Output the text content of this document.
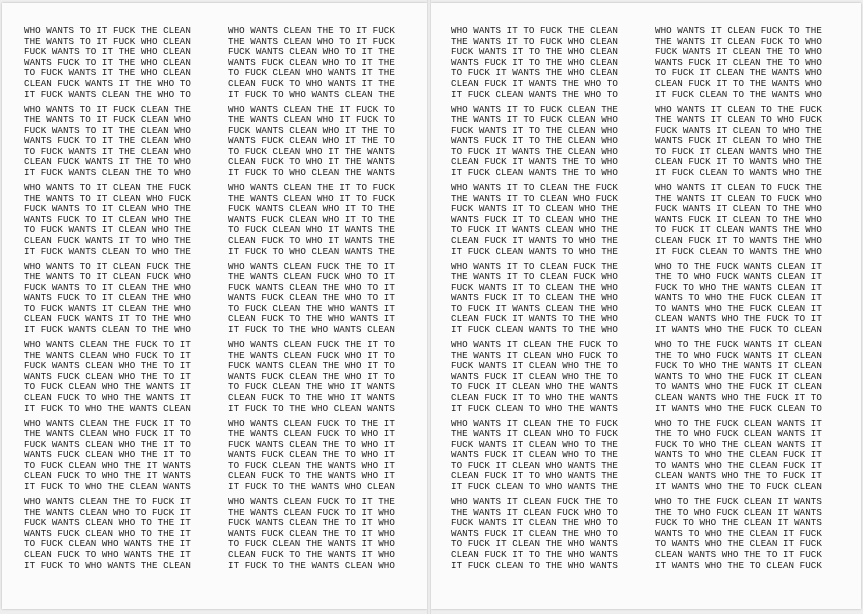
WHO WANTS TO IT FUCK THE CLEAN
THE WANTS TO IT FUCK WHO CLEAN
FUCK WANTS TO IT THE WHO CLEAN
WANTS FUCK TO IT THE WHO CLEAN
TO FUCK WANTS IT THE WHO CLEAN
CLEAN FUCK WANTS IT THE WHO TO
IT FUCK WANTS CLEAN THE WHO TO
WHO WANTS TO IT FUCK CLEAN THE
THE WANTS TO IT FUCK CLEAN WHO
FUCK WANTS TO IT THE CLEAN WHO
WANTS FUCK TO IT THE CLEAN WHO
TO FUCK WANTS IT THE CLEAN WHO
CLEAN FUCK WANTS IT THE TO WHO
IT FUCK WANTS CLEAN THE TO WHO
WHO WANTS TO IT CLEAN THE FUCK
THE WANTS TO IT CLEAN WHO FUCK
FUCK WANTS TO IT CLEAN WHO THE
WANTS FUCK TO IT CLEAN WHO THE
TO FUCK WANTS IT CLEAN WHO THE
CLEAN FUCK WANTS IT TO WHO THE
IT FUCK WANTS CLEAN TO WHO THE
WHO WANTS TO IT CLEAN FUCK THE
THE WANTS TO IT CLEAN FUCK WHO
FUCK WANTS TO IT CLEAN THE WHO
WANTS FUCK TO IT CLEAN THE WHO
TO FUCK WANTS IT CLEAN THE WHO
CLEAN FUCK WANTS IT TO THE WHO
IT FUCK WANTS CLEAN TO THE WHO
WHO WANTS CLEAN THE FUCK TO IT
THE WANTS CLEAN WHO FUCK TO IT
FUCK WANTS CLEAN WHO THE TO IT
WANTS FUCK CLEAN WHO THE TO IT
TO FUCK CLEAN WHO THE WANTS IT
CLEAN FUCK TO WHO THE WANTS IT
IT FUCK TO WHO THE WANTS CLEAN
WHO WANTS CLEAN THE FUCK IT TO
THE WANTS CLEAN WHO FUCK IT TO
FUCK WANTS CLEAN WHO THE IT TO
WANTS FUCK CLEAN WHO THE IT TO
TO FUCK CLEAN WHO THE IT WANTS
CLEAN FUCK TO WHO THE IT WANTS
IT FUCK TO WHO THE CLEAN WANTS
WHO WANTS CLEAN THE TO FUCK IT
THE WANTS CLEAN WHO TO FUCK IT
FUCK WANTS CLEAN WHO TO THE IT
WANTS FUCK CLEAN WHO TO THE IT
TO FUCK CLEAN WHO WANTS THE IT
CLEAN FUCK TO WHO WANTS THE IT
IT FUCK TO WHO WANTS THE CLEAN
WHO WANTS CLEAN THE TO IT FUCK
THE WANTS CLEAN WHO TO IT FUCK
FUCK WANTS CLEAN WHO TO IT THE
WANTS FUCK CLEAN WHO TO IT THE
TO FUCK CLEAN WHO WANTS IT THE
CLEAN FUCK TO WHO WANTS IT THE
IT FUCK TO WHO WANTS CLEAN THE
WHO WANTS CLEAN THE IT FUCK TO
THE WANTS CLEAN WHO IT FUCK TO
FUCK WANTS CLEAN WHO IT THE TO
WANTS FUCK CLEAN WHO IT THE TO
TO FUCK CLEAN WHO IT THE WANTS
CLEAN FUCK TO WHO IT THE WANTS
IT FUCK TO WHO CLEAN THE WANTS
WHO WANTS CLEAN THE IT TO FUCK
THE WANTS CLEAN WHO IT TO FUCK
FUCK WANTS CLEAN WHO IT TO THE
WANTS FUCK CLEAN WHO IT TO THE
TO FUCK CLEAN WHO IT WANTS THE
CLEAN FUCK TO WHO IT WANTS THE
IT FUCK TO WHO CLEAN WANTS THE
WHO WANTS CLEAN FUCK THE TO IT
THE WANTS CLEAN FUCK WHO TO IT
FUCK WANTS CLEAN THE WHO TO IT
WANTS FUCK CLEAN THE WHO TO IT
TO FUCK CLEAN THE WHO WANTS IT
CLEAN FUCK TO THE WHO WANTS IT
IT FUCK TO THE WHO WANTS CLEAN
WHO WANTS CLEAN FUCK THE IT TO
THE WANTS CLEAN FUCK WHO IT TO
FUCK WANTS CLEAN THE WHO IT TO
WANTS FUCK CLEAN THE WHO IT TO
TO FUCK CLEAN THE WHO IT WANTS
CLEAN FUCK TO THE WHO IT WANTS
IT FUCK TO THE WHO CLEAN WANTS
WHO WANTS CLEAN FUCK TO THE IT
THE WANTS CLEAN FUCK TO WHO IT
FUCK WANTS CLEAN THE TO WHO IT
WANTS FUCK CLEAN THE TO WHO IT
TO FUCK CLEAN THE WANTS WHO IT
CLEAN FUCK TO THE WANTS WHO IT
IT FUCK TO THE WANTS WHO CLEAN
WHO WANTS CLEAN FUCK TO IT THE
THE WANTS CLEAN FUCK TO IT WHO
FUCK WANTS CLEAN THE TO IT WHO
WANTS FUCK CLEAN THE TO IT WHO
TO FUCK CLEAN THE WANTS IT WHO
CLEAN FUCK TO THE WANTS IT WHO
IT FUCK TO THE WANTS CLEAN WHO
WHO WANTS IT TO FUCK THE CLEAN
THE WANTS IT TO FUCK WHO CLEAN
FUCK WANTS IT TO THE WHO CLEAN
WANTS FUCK IT TO THE WHO CLEAN
TO FUCK IT WANTS THE WHO CLEAN
CLEAN FUCK IT WANTS THE WHO TO
IT FUCK CLEAN WANTS THE WHO TO
WHO WANTS IT TO FUCK CLEAN THE
THE WANTS IT TO FUCK CLEAN WHO
FUCK WANTS IT TO THE CLEAN WHO
WANTS FUCK IT TO THE CLEAN WHO
TO FUCK IT WANTS THE CLEAN WHO
CLEAN FUCK IT WANTS THE TO WHO
IT FUCK CLEAN WANTS THE TO WHO
WHO WANTS IT TO CLEAN THE FUCK
THE WANTS IT TO CLEAN WHO FUCK
FUCK WANTS IT TO CLEAN WHO THE
WANTS FUCK IT TO CLEAN WHO THE
TO FUCK IT WANTS CLEAN WHO THE
CLEAN FUCK IT WANTS TO WHO THE
IT FUCK CLEAN WANTS TO WHO THE
WHO WANTS IT TO CLEAN FUCK THE
THE WANTS IT TO CLEAN FUCK WHO
FUCK WANTS IT TO CLEAN THE WHO
WANTS FUCK IT TO CLEAN THE WHO
TO FUCK IT WANTS CLEAN THE WHO
CLEAN FUCK IT WANTS TO THE WHO
IT FUCK CLEAN WANTS TO THE WHO
WHO WANTS IT CLEAN THE FUCK TO
THE WANTS IT CLEAN WHO FUCK TO
FUCK WANTS IT CLEAN WHO THE TO
WANTS FUCK IT CLEAN WHO THE TO
TO FUCK IT CLEAN WHO THE WANTS
CLEAN FUCK IT TO WHO THE WANTS
IT FUCK CLEAN TO WHO THE WANTS
WHO WANTS IT CLEAN THE TO FUCK
THE WANTS IT CLEAN WHO TO FUCK
FUCK WANTS IT CLEAN WHO TO THE
WANTS FUCK IT CLEAN WHO TO THE
TO FUCK IT CLEAN WHO WANTS THE
CLEAN FUCK IT TO WHO WANTS THE
IT FUCK CLEAN TO WHO WANTS THE
WHO WANTS IT CLEAN FUCK THE TO
THE WANTS IT CLEAN FUCK WHO TO
FUCK WANTS IT CLEAN THE WHO TO
WANTS FUCK IT CLEAN THE WHO TO
TO FUCK IT CLEAN THE WHO WANTS
CLEAN FUCK IT TO THE WHO WANTS
IT FUCK CLEAN TO THE WHO WANTS
WHO WANTS IT CLEAN FUCK TO THE
THE WANTS IT CLEAN FUCK TO WHO
FUCK WANTS IT CLEAN THE TO WHO
WANTS FUCK IT CLEAN THE TO WHO
TO FUCK IT CLEAN THE WANTS WHO
CLEAN FUCK IT TO THE WANTS WHO
IT FUCK CLEAN TO THE WANTS WHO
WHO WANTS IT CLEAN TO THE FUCK
THE WANTS IT CLEAN TO WHO FUCK
FUCK WANTS IT CLEAN TO WHO THE
WANTS FUCK IT CLEAN TO WHO THE
TO FUCK IT CLEAN WANTS WHO THE
CLEAN FUCK IT TO WANTS WHO THE
IT FUCK CLEAN TO WANTS WHO THE
WHO WANTS IT CLEAN TO FUCK THE
THE WANTS IT CLEAN TO FUCK WHO
FUCK WANTS IT CLEAN TO THE WHO
WANTS FUCK IT CLEAN TO THE WHO
TO FUCK IT CLEAN WANTS THE WHO
CLEAN FUCK IT TO WANTS THE WHO
IT FUCK CLEAN TO WANTS THE WHO
WHO TO THE FUCK WANTS CLEAN IT
THE TO WHO FUCK WANTS CLEAN IT
FUCK TO WHO THE WANTS CLEAN IT
WANTS TO WHO THE FUCK CLEAN IT
TO WANTS WHO THE FUCK CLEAN IT
CLEAN WANTS WHO THE FUCK TO IT
IT WANTS WHO THE FUCK TO CLEAN
WHO TO THE FUCK WANTS IT CLEAN
THE TO WHO FUCK WANTS IT CLEAN
FUCK TO WHO THE WANTS IT CLEAN
WANTS TO WHO THE FUCK IT CLEAN
TO WANTS WHO THE FUCK IT CLEAN
CLEAN WANTS WHO THE FUCK IT TO
IT WANTS WHO THE FUCK CLEAN TO
WHO TO THE FUCK CLEAN WANTS IT
THE TO WHO FUCK CLEAN WANTS IT
FUCK TO WHO THE CLEAN WANTS IT
WANTS TO WHO THE CLEAN FUCK IT
TO WANTS WHO THE CLEAN FUCK IT
CLEAN WANTS WHO THE TO FUCK IT
IT WANTS WHO THE TO FUCK CLEAN
WHO TO THE FUCK CLEAN IT WANTS
THE TO WHO FUCK CLEAN IT WANTS
FUCK TO WHO THE CLEAN IT WANTS
WANTS TO WHO THE CLEAN IT FUCK
TO WANTS WHO THE CLEAN IT FUCK
CLEAN WANTS WHO THE TO IT FUCK
IT WANTS WHO THE TO CLEAN FUCK
